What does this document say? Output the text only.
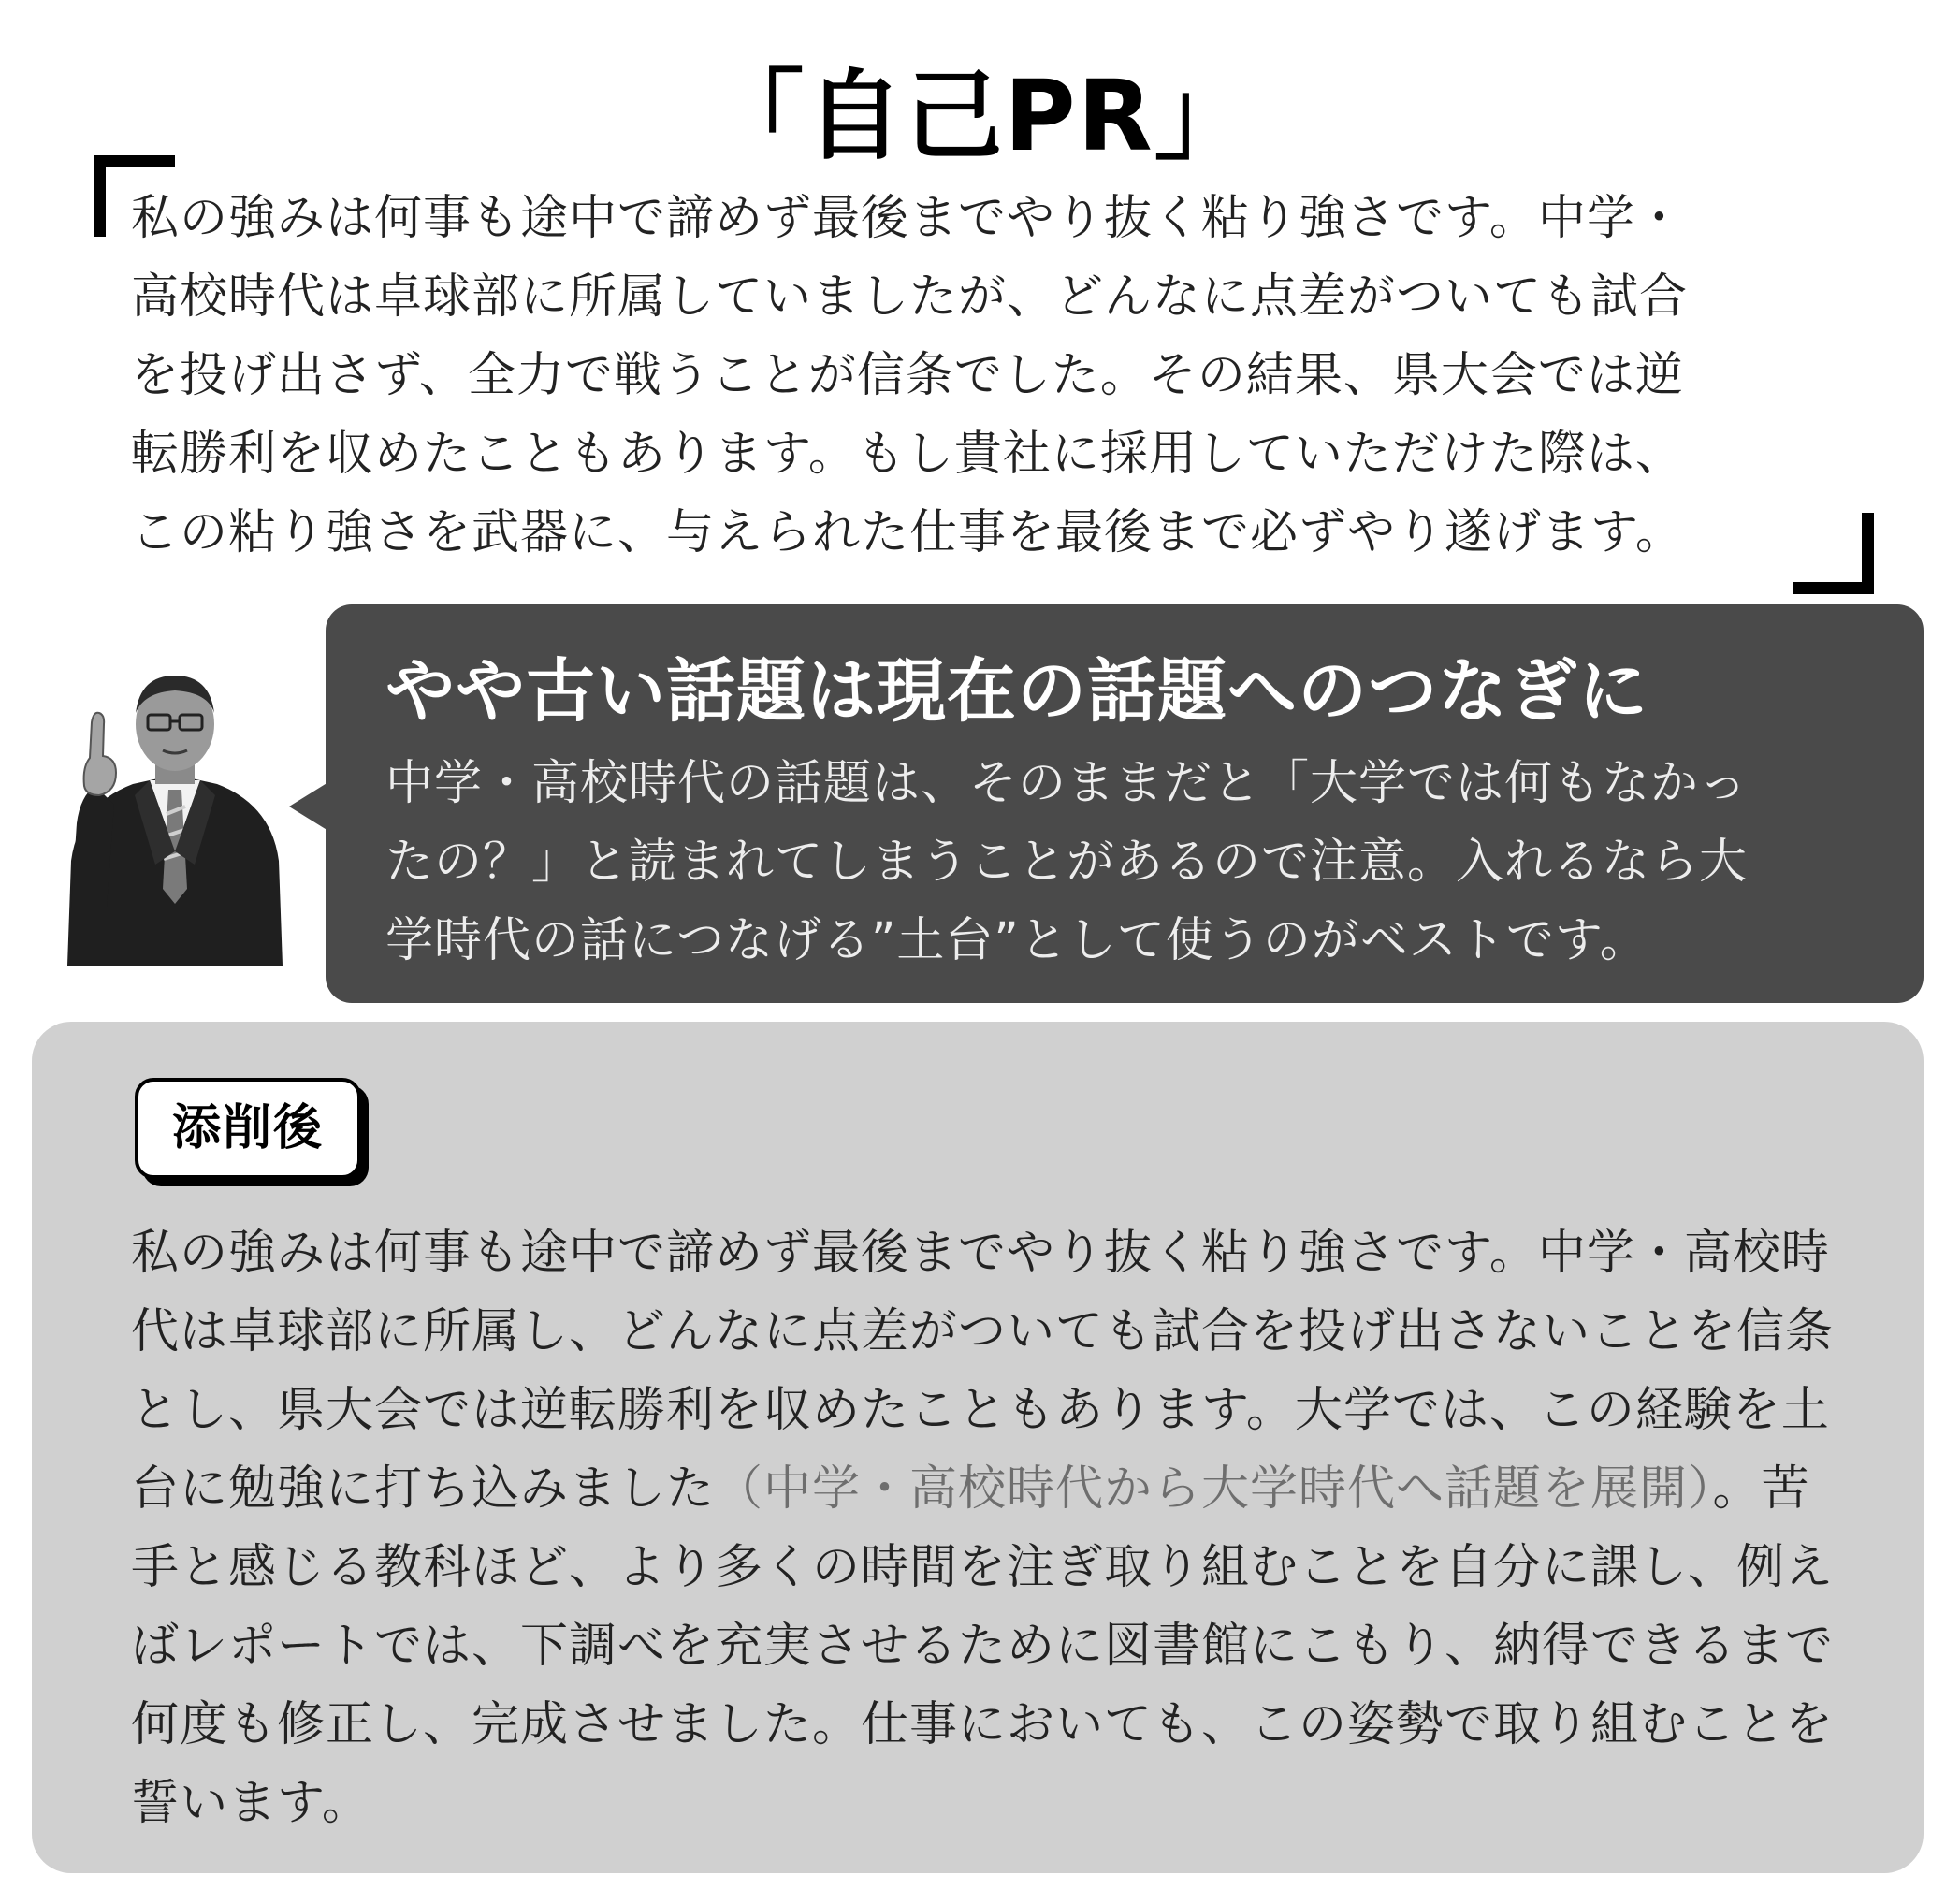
「自己PR」
私の強みは何事も途中で諦めず最後までやり抜く粘り強さです。中学・
高校時代は卓球部に所属していましたが、どんなに点差がついても試合
を投げ出さず、全力で戦うことが信条でした。その結果、県大会では逆
転勝利を収めたこともあります。もし貴社に採用していただけた際は、
この粘り強さを武器に、与えられた仕事を最後まで必ずやり遂げます。
やや古い話題は現在の話題へのつなぎに
中学・高校時代の話題は、そのままだと「大学では何もなかっ
たの？」と読まれてしまうことがあるので注意。入れるなら大
学時代の話につなげる”土台”として使うのがベストです。
添削後
私の強みは何事も途中で諦めず最後までやり抜く粘り強さです。中学・高校時代は卓球部に所属し、どんなに点差がついても試合を投げ出さないことを信条とし、県大会では逆転勝利を収めたこともあります。大学では、この経験を土台に勉強に打ち込みました（中学・高校時代から大学時代へ話題を展開）。苦手と感じる教科ほど、より多くの時間を注ぎ取り組むことを自分に課し、例えばレポートでは、下調べを充実させるために図書館にこもり、納得できるまで何度も修正し、完成させました。仕事においても、この姿勢で取り組むことを誓います。
